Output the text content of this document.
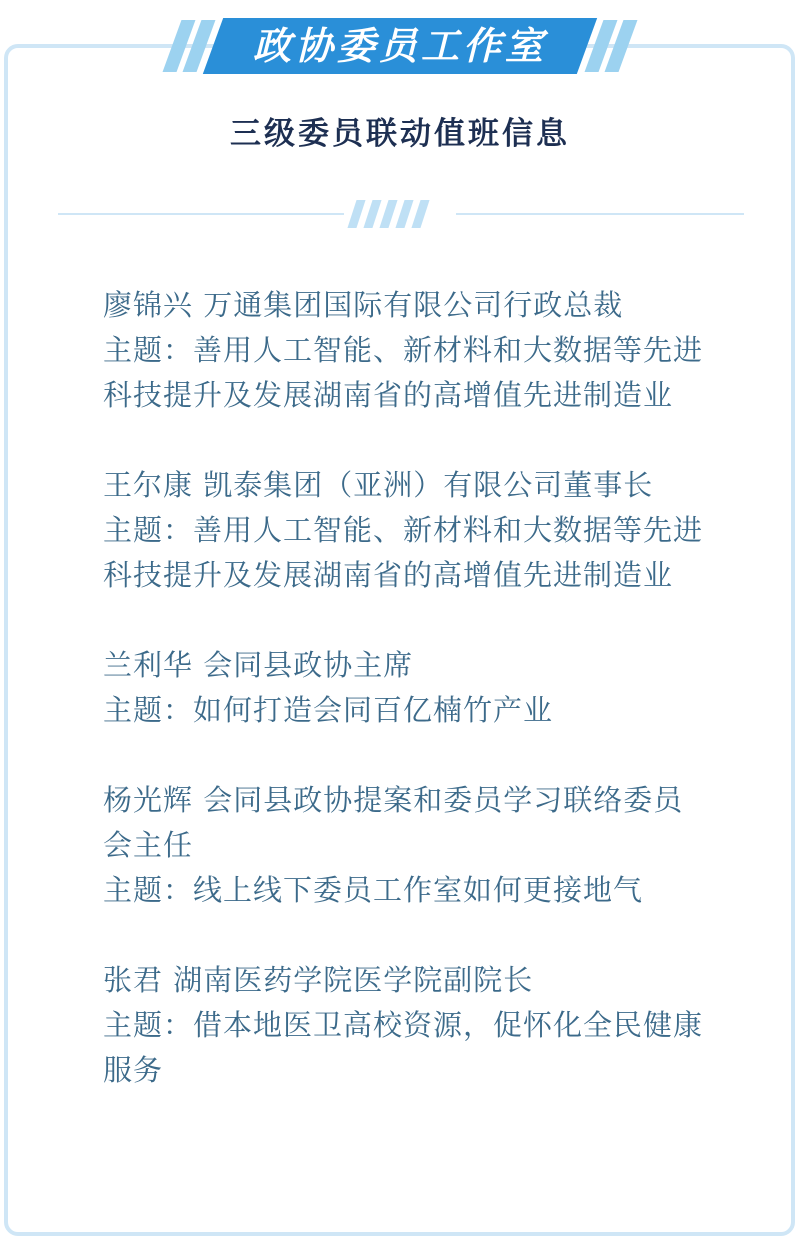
政协委员工作室
三级委员联动值班信息

廖锦兴 万通集团国际有限公司行政总裁

主题：善用人工智能、新材料和大数据等先进科技提升及发展湖南省的高增值先进制造业

王尔康 凯泰集团（亚洲）有限公司董事长

主题：善用人工智能、新材料和大数据等先进科技提升及发展湖南省的高增值先进制造业

兰利华 会同县政协主席

主题：如何打造会同百亿楠竹产业

杨光辉 会同县政协提案和委员学习联络委员会主任

主题：线上线下委员工作室如何更接地气

张君 湖南医药学院医学院副院长

主题：借本地医卫高校资源，促怀化全民健康服务
